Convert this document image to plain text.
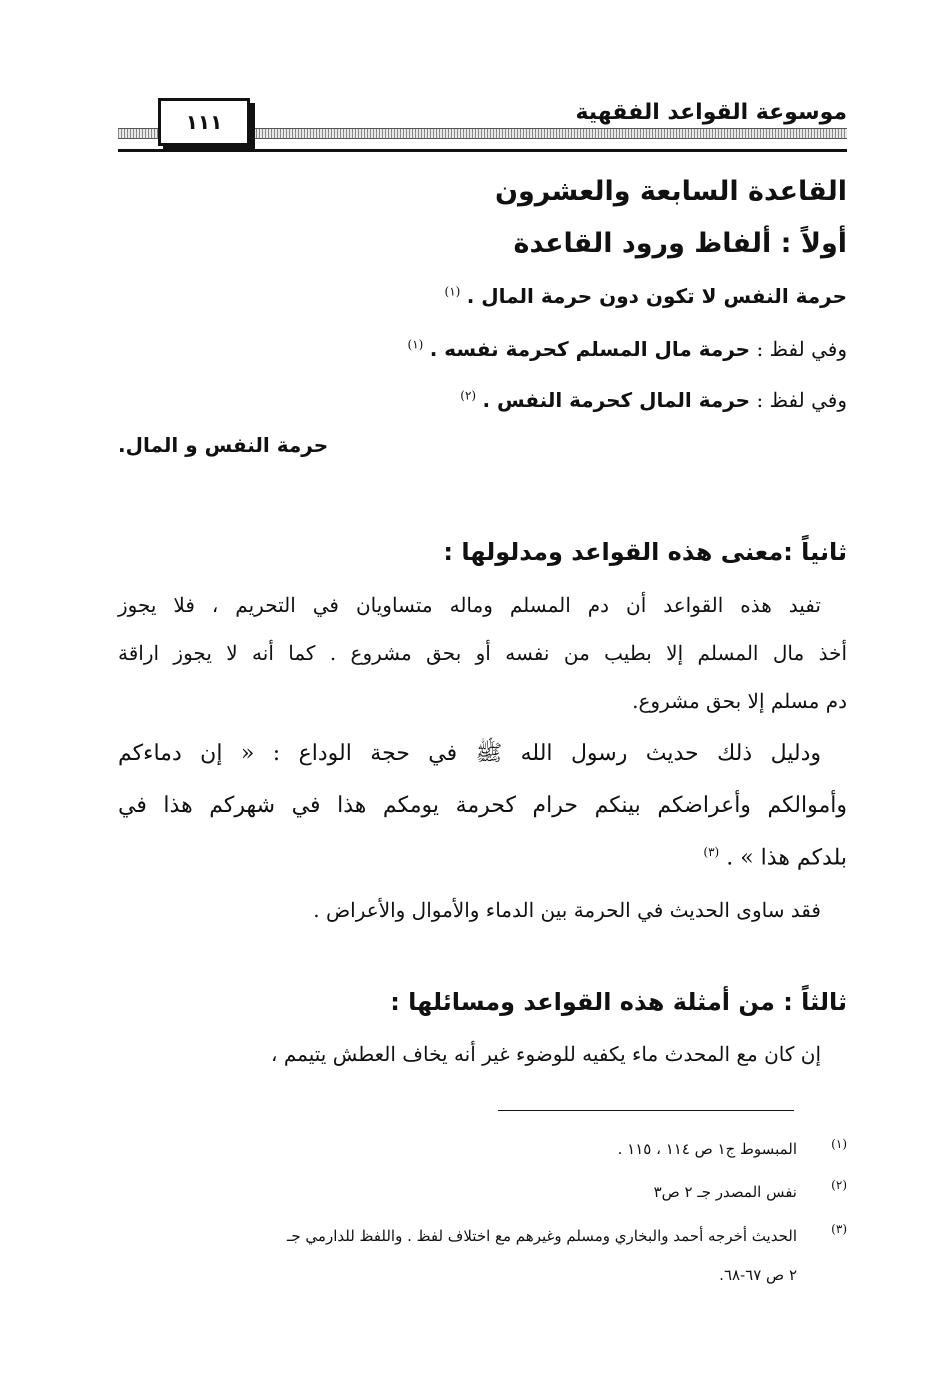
موسوعة القواعد الفقهية
١١١
القاعدة السابعة والعشرون
أولاً : ألفاظ ورود القاعدة
حرمة النفس لا تكون دون حرمة المال . $^{(١)}$
وفي لفظ : حرمة مال المسلم كحرمة نفسه . $^{(١)}$
وفي لفظ : حرمة المال كحرمة النفس . $^{(٢)}$
حرمة النفس و المال.
ثانياً :معنى هذه القواعد ومدلولها :
تفيد هذه القواعد أن دم المسلم وماله متساويان في التحريم ، فلا يجوز
أخذ مال المسلم إلا بطيب من نفسه أو بحق مشروع . كما أنه لا يجوز اراقة
دم مسلم إلا بحق مشروع.
ودليل ذلك حديث رسول الله ﷺ في حجة الوداع : « إن دماءكم
وأموالكم وأعراضكم بينكم حرام كحرمة يومكم هذا في شهركم هذا في
بلدكم هذا » . $^{(٣)}$
فقد ساوى الحديث في الحرمة بين الدماء والأموال والأعراض .
ثالثاً : من أمثلة هذه القواعد ومسائلها :
إن كان مع المحدث ماء يكفيه للوضوء غير أنه يخاف العطش يتيمم ،
(١)
المبسوط ج١ ص ١١٤ ، ١١٥ .
(٢)
نفس المصدر جـ ٢ ص٣
(٣)
الحديث أخرجه أحمد والبخاري ومسلم وغيرهم مع اختلاف لفظ . واللفظ للدارمي جـ
٢ ص ٦٧-٦٨.
